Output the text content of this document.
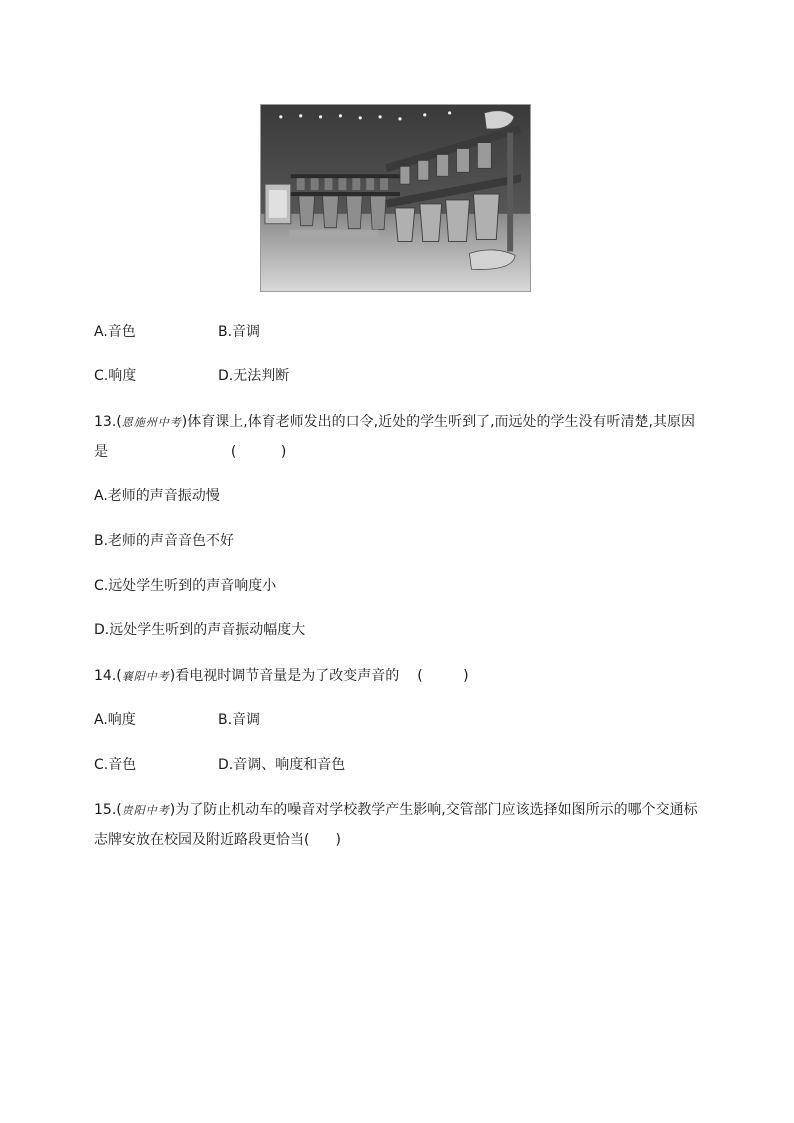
A.音色	B.音调
C.响度	D.无法判断
13.(恩施州中考)体育课上,体育老师发出的口令,近处的学生听到了,而远处的学生没有听清楚,其原因
是	( )
A.老师的声音振动慢
B.老师的声音音色不好
C.远处学生听到的声音响度小
D.远处学生听到的声音振动幅度大
14.(襄阳中考)看电视时调节音量是为了改变声音的 ( )
A.响度	B.音调
C.音色	D.音调、响度和音色
15.(贵阳中考)为了防止机动车的噪音对学校教学产生影响,交管部门应该选择如图所示的哪个交通标
志牌安放在校园及附近路段更恰当( )
